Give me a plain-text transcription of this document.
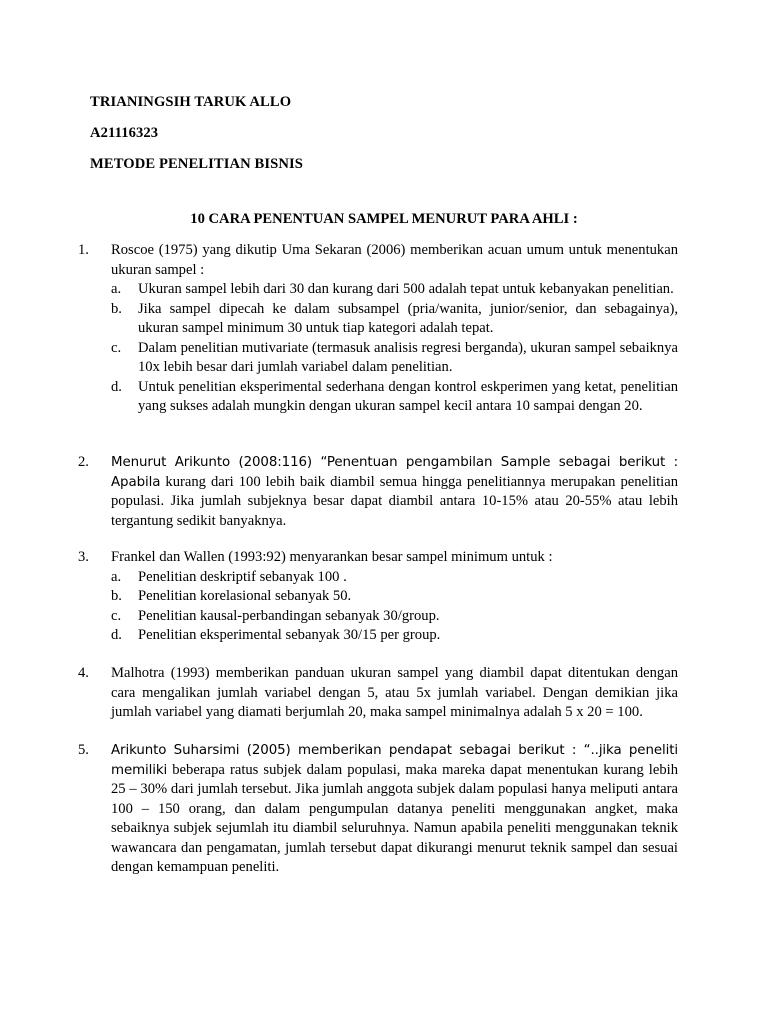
TRIANINGSIH TARUK ALLO
A21116323
METODE PENELITIAN BISNIS
10 CARA PENENTUAN SAMPEL MENURUT PARA AHLI :
1. Roscoe (1975) yang dikutip Uma Sekaran (2006) memberikan acuan umum untuk menentukan ukuran sampel :
a. Ukuran sampel lebih dari 30 dan kurang dari 500 adalah tepat untuk kebanyakan penelitian.
b. Jika sampel dipecah ke dalam subsampel (pria/wanita, junior/senior, dan sebagainya), ukuran sampel minimum 30 untuk tiap kategori adalah tepat.
c. Dalam penelitian mutivariate (termasuk analisis regresi berganda), ukuran sampel sebaiknya 10x lebih besar dari jumlah variabel dalam penelitian.
d. Untuk penelitian eksperimental sederhana dengan kontrol eskperimen yang ketat, penelitian yang sukses adalah mungkin dengan ukuran sampel kecil antara 10 sampai dengan 20.
2. Menurut Arikunto (2008:116) “Penentuan pengambilan Sample sebagai berikut : Apabila kurang dari 100 lebih baik diambil semua hingga penelitiannya merupakan penelitian populasi. Jika jumlah subjeknya besar dapat diambil antara 10-15% atau 20-55% atau lebih tergantung sedikit banyaknya.
3. Frankel dan Wallen (1993:92) menyarankan besar sampel minimum untuk :
a. Penelitian deskriptif sebanyak 100 .
b. Penelitian korelasional sebanyak 50.
c. Penelitian kausal-perbandingan sebanyak 30/group.
d. Penelitian eksperimental sebanyak 30/15 per group.
4. Malhotra (1993) memberikan panduan ukuran sampel yang diambil dapat ditentukan dengan cara mengalikan jumlah variabel dengan 5, atau 5x jumlah variabel. Dengan demikian jika jumlah variabel yang diamati berjumlah 20, maka sampel minimalnya adalah 5 x 20 = 100.
5. Arikunto Suharsimi (2005) memberikan pendapat sebagai berikut : “..jika peneliti memiliki beberapa ratus subjek dalam populasi, maka mareka dapat menentukan kurang lebih 25 – 30% dari jumlah tersebut. Jika jumlah anggota subjek dalam populasi hanya meliputi antara 100 – 150 orang, dan dalam pengumpulan datanya peneliti menggunakan angket, maka sebaiknya subjek sejumlah itu diambil seluruhnya. Namun apabila peneliti menggunakan teknik wawancara dan pengamatan, jumlah tersebut dapat dikurangi menurut teknik sampel dan sesuai dengan kemampuan peneliti.
